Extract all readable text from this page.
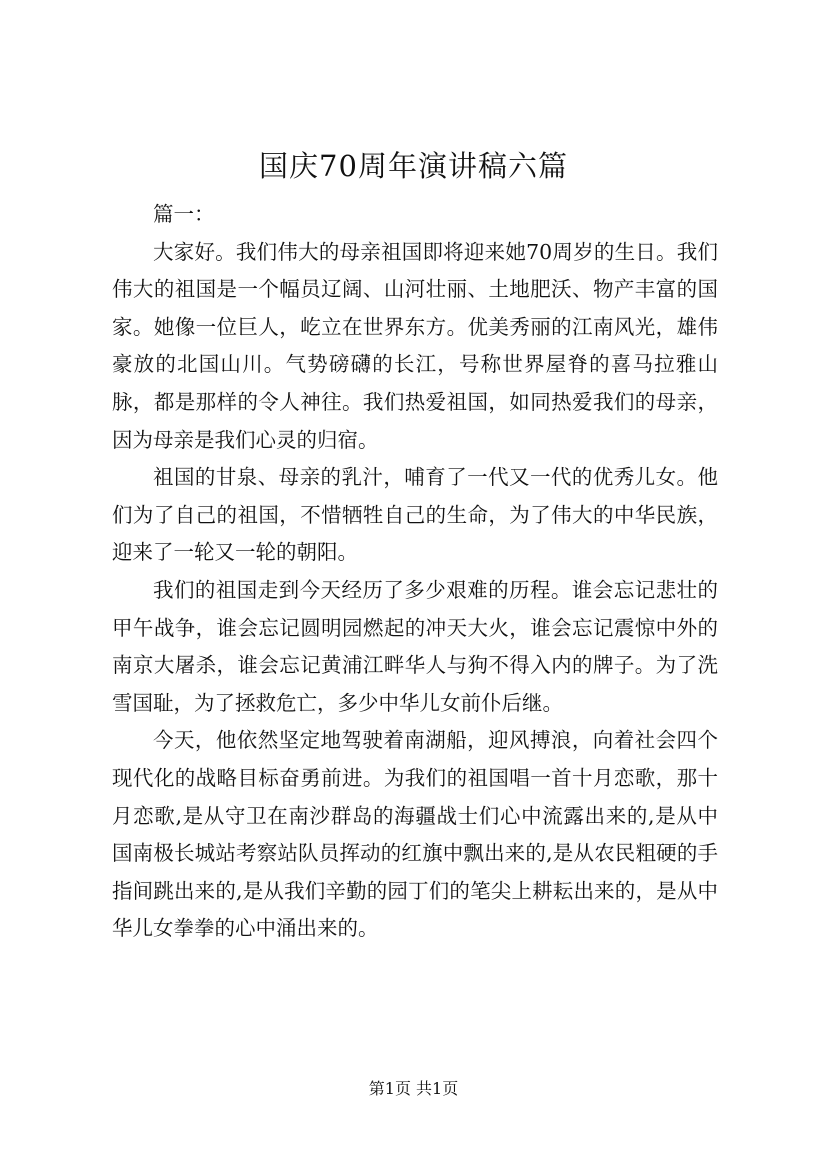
国庆70周年演讲稿六篇

篇一：

大家好。我们伟大的母亲祖国即将迎来她70周岁的生日。我们伟大的祖国是一个幅员辽阔、山河壮丽、土地肥沃、物产丰富的国家。她像一位巨人，屹立在世界东方。优美秀丽的江南风光，雄伟豪放的北国山川。气势磅礴的长江，号称世界屋脊的喜马拉雅山脉，都是那样的令人神往。我们热爱祖国，如同热爱我们的母亲，因为母亲是我们心灵的归宿。

祖国的甘泉、母亲的乳汁，哺育了一代又一代的优秀儿女。他们为了自己的祖国，不惜牺牲自己的生命，为了伟大的中华民族，迎来了一轮又一轮的朝阳。

我们的祖国走到今天经历了多少艰难的历程。谁会忘记悲壮的甲午战争，谁会忘记圆明园燃起的冲天大火，谁会忘记震惊中外的南京大屠杀，谁会忘记黄浦江畔华人与狗不得入内的牌子。为了洗雪国耻，为了拯救危亡，多少中华儿女前仆后继。

今天，他依然坚定地驾驶着南湖船，迎风搏浪，向着社会四个现代化的战略目标奋勇前进。为我们的祖国唱一首十月恋歌，那十月恋歌,是从守卫在南沙群岛的海疆战士们心中流露出来的,是从中国南极长城站考察站队员挥动的红旗中飘出来的,是从农民粗硬的手指间跳出来的,是从我们辛勤的园丁们的笔尖上耕耘出来的，是从中华儿女拳拳的心中涌出来的。

第1页 共1页
